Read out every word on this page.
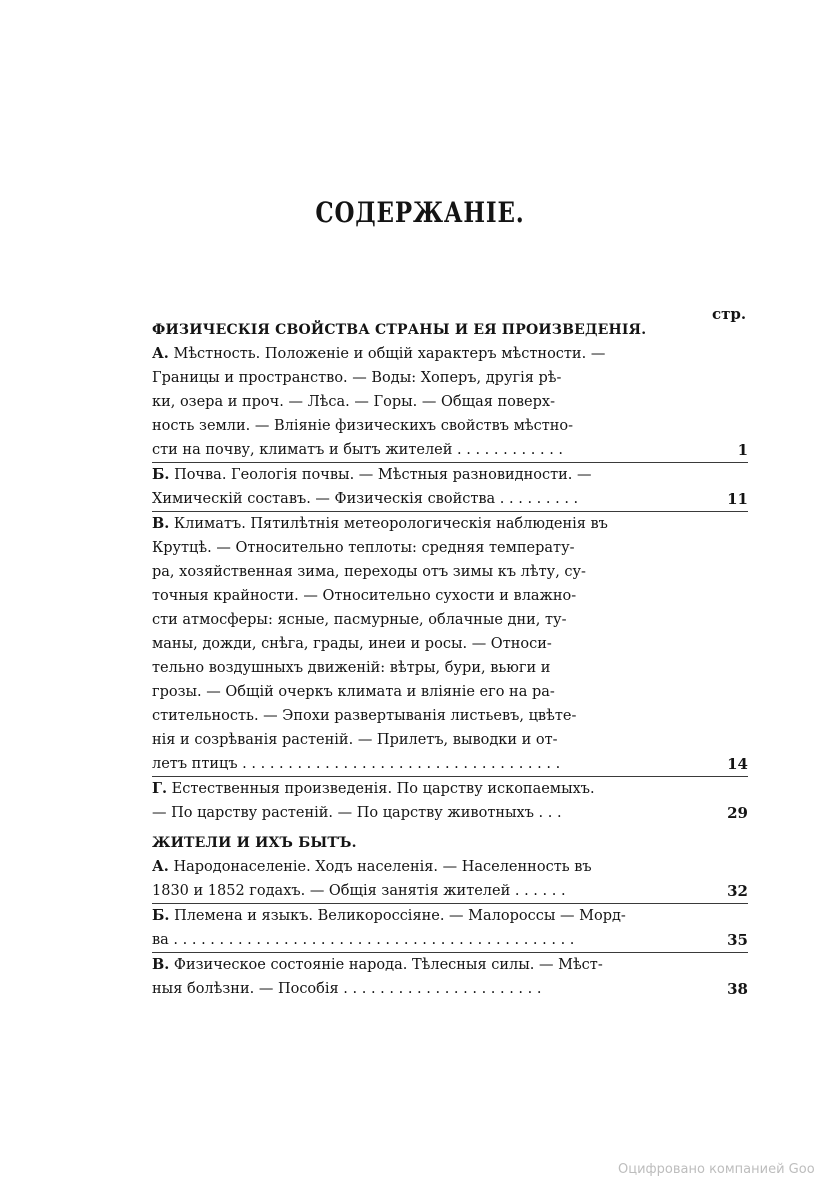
СОДЕРЖАНIE.
стр.
ФИЗИЧЕСКIЯ СВОЙСТВА СТРАНЫ И ЕЯ ПРОИЗВЕДЕНIЯ.
А. Мѣстность. Положенiе и общiй характеръ мѣстности. —
Границы и пространство. — Воды: Хоперъ, другiя рѣ-
ки, озера и проч. — Лѣса. — Горы. — Общая поверх-
ность земли. — Влiянiе физическихъ свойствъ мѣстно-
сти на почву, климатъ и бытъ жителей . . . . . . . . . . . .	1
Б. Почва. Геологiя почвы. — Мѣстныя разновидности. —
Химическiй составъ. — Физическiя свойства . . . . . . . . .	11
В. Климатъ. Пятилѣтнiя метеорологическiя наблюденiя въ
Крутцѣ. — Относительно теплоты: средняя температу-
ра, хозяйственная зима, переходы отъ зимы къ лѣту, су-
точныя крайности. — Относительно сухости и влажно-
сти атмосферы: ясные, пасмурные, облачные дни, ту-
маны, дожди, снѣга, грады, инеи и росы. — Относи-
тельно воздушныхъ движенiй: вѣтры, бури, вьюги и
грозы. — Общiй очеркъ климата и влiянiе его на ра-
стительность. — Эпохи развертыванiя листьевъ, цвѣте-
нiя и созрѣванiя растенiй. — Прилетъ, выводки и от-
летъ птицъ . . . . . . . . . . . . . . . . . . . . . . . . . . . . . . . . . . .	14
Г. Естественныя произведенiя. По царству ископаемыхъ.
— По царству растенiй. — По царству животныхъ . . .	29
ЖИТЕЛИ И ИХЪ БЫТЪ.
А. Народонаселенiе. Ходъ населенiя. — Населенность въ
1830 и 1852 годахъ. — Общiя занятiя жителей . . . . . .	32
Б. Племена и языкъ. Великороссiяне. — Малороссы — Морд-
ва . . . . . . . . . . . . . . . . . . . . . . . . . . . . . . . . . . . . . . . . . . . .	35
В. Физическое состоянiе народа. Тѣлесныя силы. — Мѣст-
ныя болѣзни. — Пособiя . . . . . . . . . . . . . . . . . . . . . .	38
Оцифровано компанией Goo
